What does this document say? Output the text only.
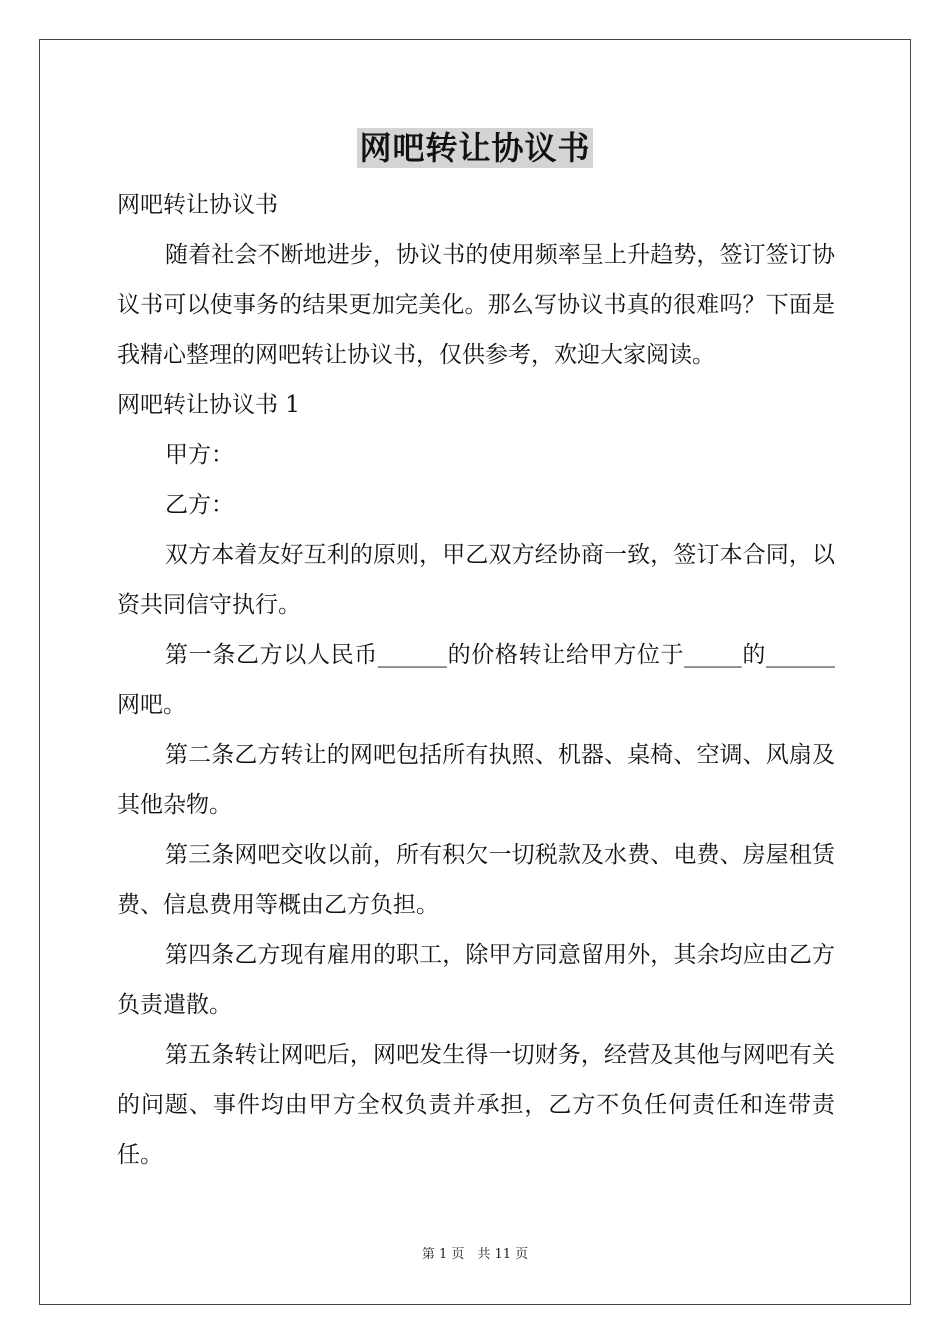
网吧转让协议书

网吧转让协议书

随着社会不断地进步，协议书的使用频率呈上升趋势，签订签订协议书可以使事务的结果更加完美化。那么写协议书真的很难吗？下面是我精心整理的网吧转让协议书，仅供参考，欢迎大家阅读。

网吧转让协议书 1

甲方：

乙方：

双方本着友好互利的原则，甲乙双方经协商一致，签订本合同，以资共同信守执行。

第一条乙方以人民币______的价格转让给甲方位于_____的______网吧。

第二条乙方转让的网吧包括所有执照、机器、桌椅、空调、风扇及其他杂物。

第三条网吧交收以前，所有积欠一切税款及水费、电费、房屋租赁费、信息费用等概由乙方负担。

第四条乙方现有雇用的职工，除甲方同意留用外，其余均应由乙方负责遣散。

第五条转让网吧后，网吧发生得一切财务，经营及其他与网吧有关的问题、事件均由甲方全权负责并承担，乙方不负任何责任和连带责任。

第 1 页　共 11 页
